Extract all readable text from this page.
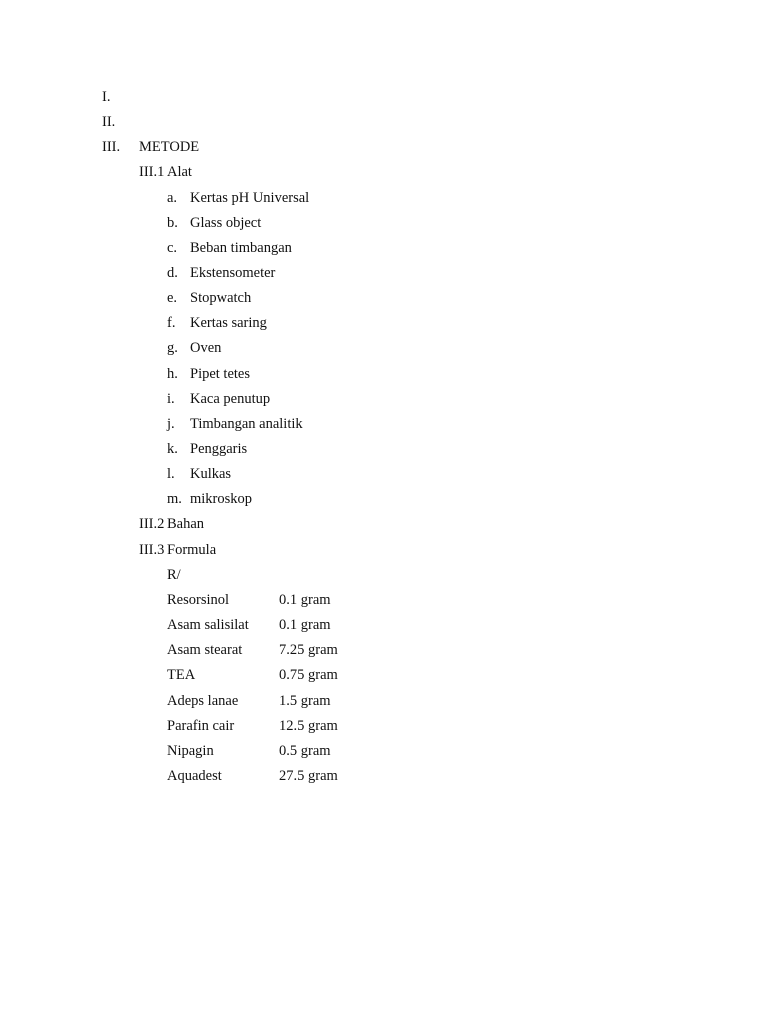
I.
II.
III. METODE
III.1 Alat
a. Kertas pH Universal
b. Glass object
c. Beban timbangan
d. Ekstensometer
e. Stopwatch
f. Kertas saring
g. Oven
h. Pipet tetes
i. Kaca penutup
j. Timbangan analitik
k. Penggaris
l. Kulkas
m. mikroskop
III.2 Bahan
III.3 Formula
R/
Resorsinol	0.1 gram
Asam salisilat 0.1 gram
Asam stearat	7.25 gram
TEA	0.75 gram
Adeps lanae	1.5 gram
Parafin cair	12.5 gram
Nipagin	0.5 gram
Aquadest	27.5 gram
